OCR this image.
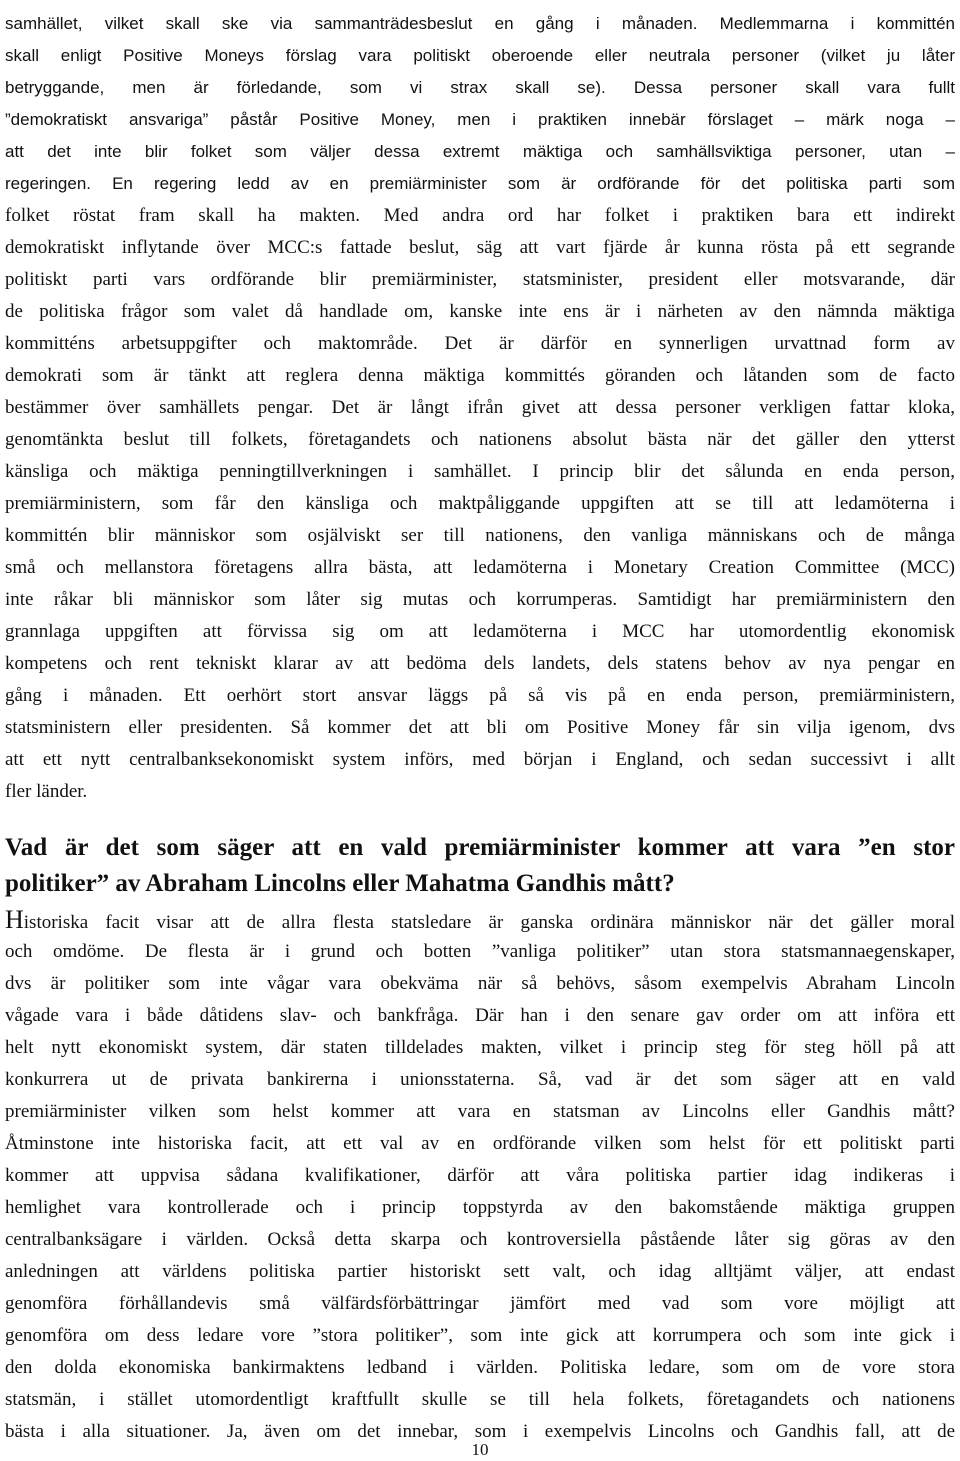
samhället, vilket skall ske via sammanträdesbeslut en gång i månaden. Medlemmarna i kommittén
skall enligt Positive Moneys förslag vara politiskt oberoende eller neutrala personer (vilket ju låter
betryggande, men är förledande, som vi strax skall se). Dessa personer skall vara fullt
”demokratiskt ansvariga” påstår Positive Money, men i praktiken innebär förslaget – märk noga –
att det inte blir folket som väljer dessa extremt mäktiga och samhällsviktiga personer, utan –
regeringen. En regering ledd av en premiärminister som är ordförande för det politiska parti som
folket röstat fram skall ha makten. Med andra ord har folket i praktiken bara ett indirekt
demokratiskt inflytande över MCC:s fattade beslut, säg att vart fjärde år kunna rösta på ett segrande
politiskt parti vars ordförande blir premiärminister, statsminister, president eller motsvarande, där
de politiska frågor som valet då handlade om, kanske inte ens är i närheten av den nämnda mäktiga
kommitténs arbetsuppgifter och maktområde. Det är därför en synnerligen urvattnad form av
demokrati som är tänkt att reglera denna mäktiga kommittés göranden och låtanden som de facto
bestämmer över samhällets pengar. Det är långt ifrån givet att dessa personer verkligen fattar kloka,
genomtänkta beslut till folkets, företagandets och nationens absolut bästa när det gäller den ytterst
känsliga och mäktiga penningtillverkningen i samhället. I princip blir det sålunda en enda person,
premiärministern, som får den känsliga och maktpåliggande uppgiften att se till att ledamöterna i
kommittén blir människor som osjälviskt ser till nationens, den vanliga människans och de många
små och mellanstora företagens allra bästa, att ledamöterna i Monetary Creation Committee (MCC)
inte råkar bli människor som låter sig mutas och korrumperas. Samtidigt har premiärministern den
grannlaga uppgiften att förvissa sig om att ledamöterna i MCC har utomordentlig ekonomisk
kompetens och rent tekniskt klarar av att bedöma dels landets, dels statens behov av nya pengar en
gång i månaden. Ett oerhört stort ansvar läggs på så vis på en enda person, premiärministern,
statsministern eller presidenten. Så kommer det att bli om Positive Money får sin vilja igenom, dvs
att ett nytt centralbanksekonomiskt system införs, med början i England, och sedan successivt i allt
fler länder.
Vad är det som säger att en vald premiärminister kommer att vara ”en stor
politiker” av Abraham Lincolns eller Mahatma Gandhis mått?
Historiska facit visar att de allra flesta statsledare är ganska ordinära människor när det gäller moral
och omdöme. De flesta är i grund och botten ”vanliga politiker” utan stora statsmannaegenskaper,
dvs är politiker som inte vågar vara obekväma när så behövs, såsom exempelvis Abraham Lincoln
vågade vara i både dåtidens slav- och bankfråga. Där han i den senare gav order om att införa ett
helt nytt ekonomiskt system, där staten tilldelades makten, vilket i princip steg för steg höll på att
konkurrera ut de privata bankirerna i unionsstaterna. Så, vad är det som säger att en vald
premiärminister vilken som helst kommer att vara en statsman av Lincolns eller Gandhis mått?
Åtminstone inte historiska facit, att ett val av en ordförande vilken som helst för ett politiskt parti
kommer att uppvisa sådana kvalifikationer, därför att våra politiska partier idag indikeras i
hemlighet vara kontrollerade och i princip toppstyrda av den bakomstående mäktiga gruppen
centralbanksägare i världen. Också detta skarpa och kontroversiella påstående låter sig göras av den
anledningen att världens politiska partier historiskt sett valt, och idag alltjämt väljer, att endast
genomföra förhållandevis små välfärdsförbättringar jämfört med vad som vore möjligt att
genomföra om dess ledare vore ”stora politiker”, som inte gick att korrumpera och som inte gick i
den dolda ekonomiska bankirmaktens ledband i världen. Politiska ledare, som om de vore stora
statsmän, i stället utomordentligt kraftfullt skulle se till hela folkets, företagandets och nationens
bästa i alla situationer. Ja, även om det innebar, som i exempelvis Lincolns och Gandhis fall, att de
10
